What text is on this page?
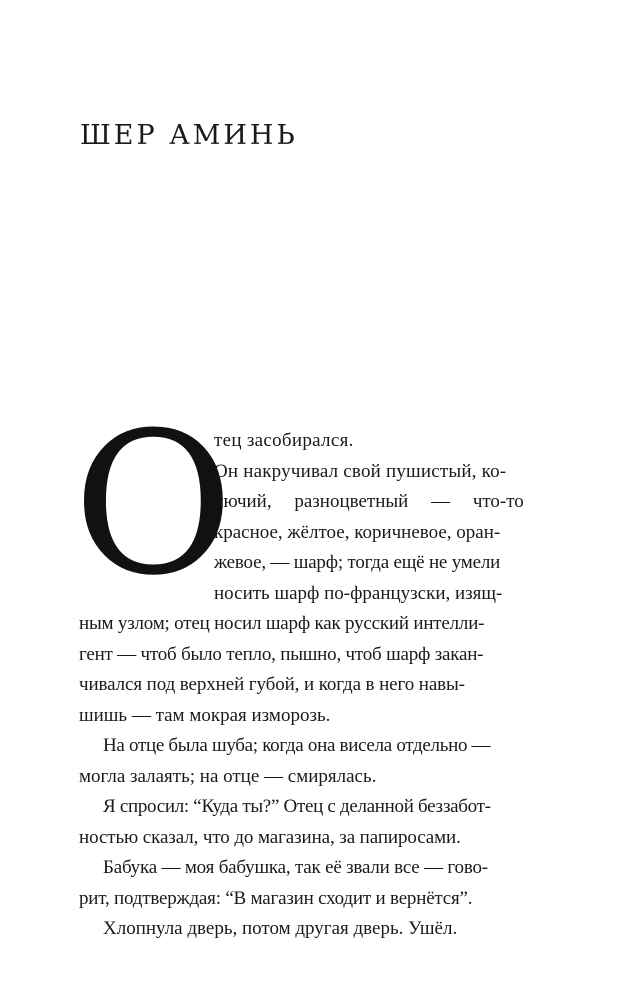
ШЕР АМИНЬ
О
тец засобирался.
Он накручивал свой пушистый, ко-
лючий, разноцветный — что-то
красное, жёлтое, коричневое, оран-
жевое, — шарф; тогда ещё не умели
носить шарф по-французски, изящ-
ным узлом; отец носил шарф как русский интелли-
гент — чтоб было тепло, пышно, чтоб шарф закан-
чивался под верхней губой, и когда в него навы-
шишь — там мокрая изморозь.
На отце была шуба; когда она висела отдельно —
могла залаять; на отце — смирялась.
Я спросил: “Куда ты?” Отец с деланной беззабот-
ностью сказал, что до магазина, за папиросами.
Бабука — моя бабушка, так её звали все — гово-
рит, подтверждая: “В магазин сходит и вернётся”.
Хлопнула дверь, потом другая дверь. Ушёл.
